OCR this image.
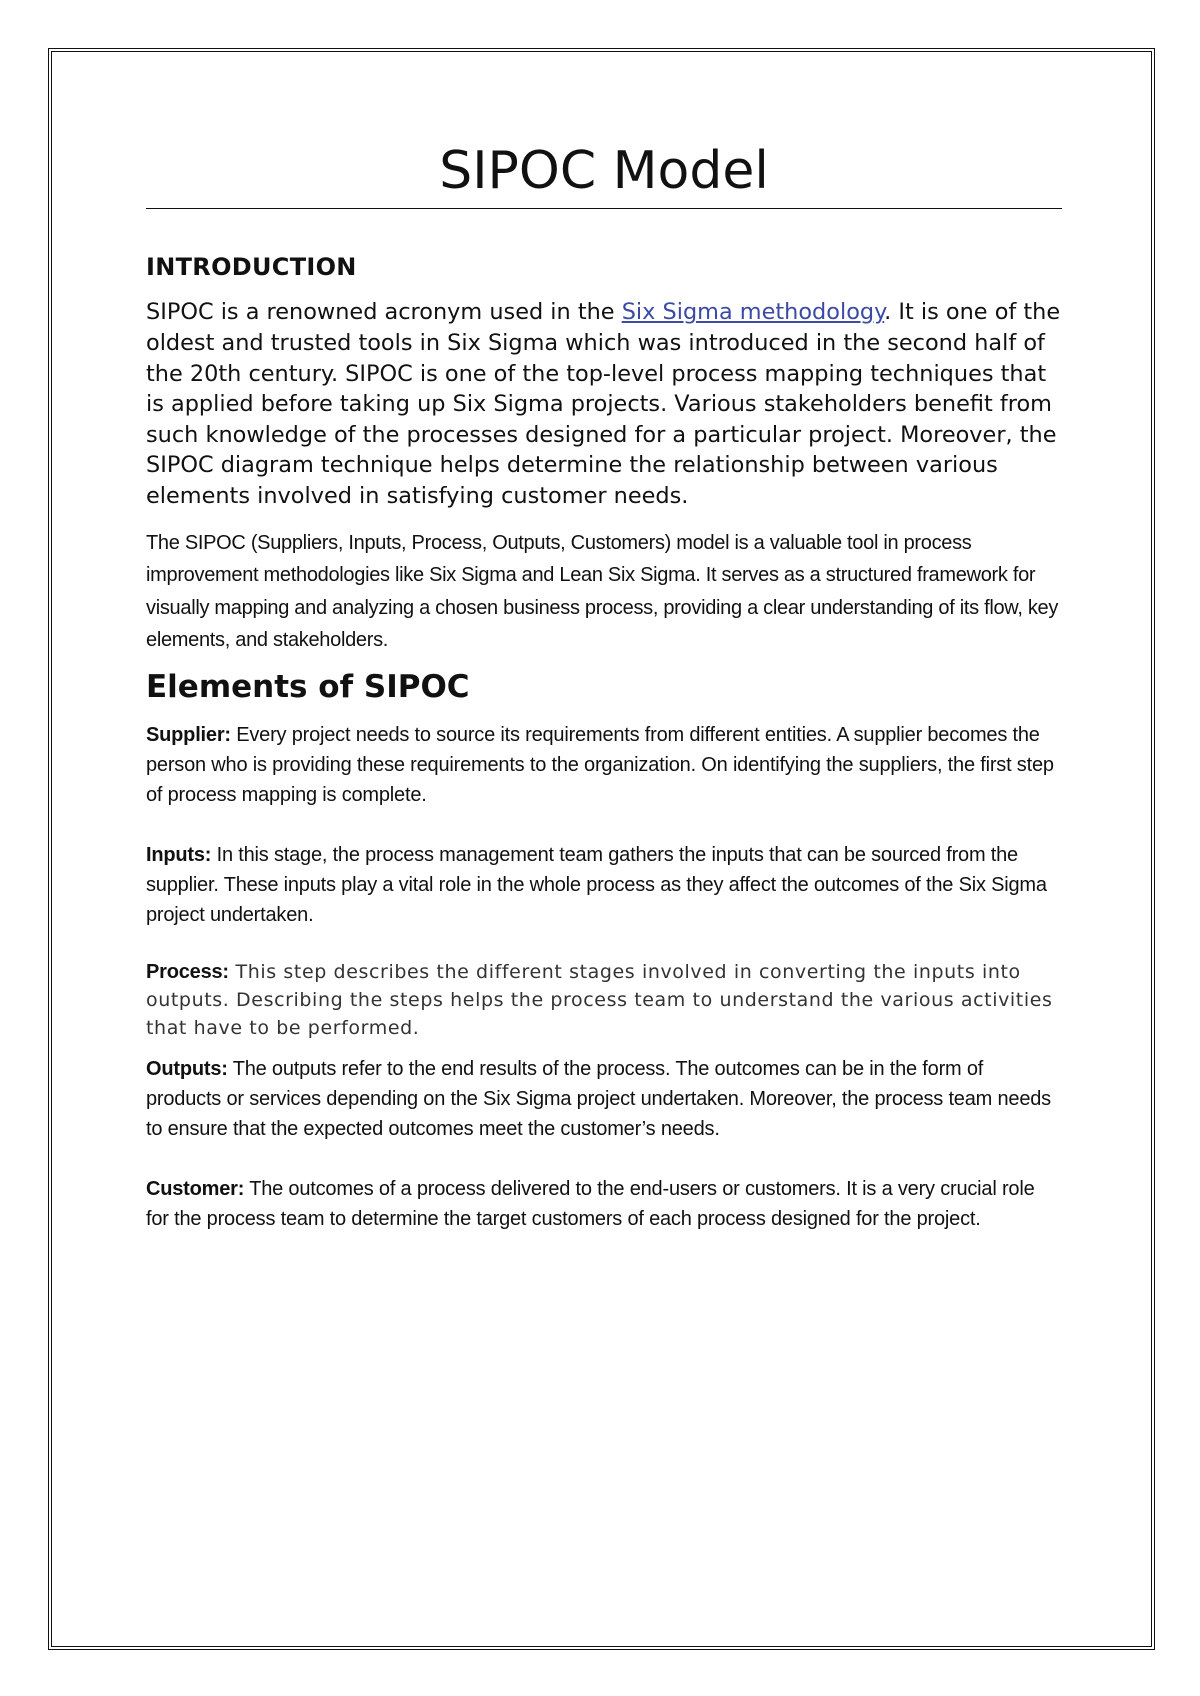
SIPOC Model
INTRODUCTION

SIPOC is a renowned acronym used in the Six Sigma methodology. It is one of the oldest and trusted tools in Six Sigma which was introduced in the second half of the 20th century. SIPOC is one of the top-level process mapping techniques that is applied before taking up Six Sigma projects. Various stakeholders benefit from such knowledge of the processes designed for a particular project. Moreover, the SIPOC diagram technique helps determine the relationship between various elements involved in satisfying customer needs.

The SIPOC (Suppliers, Inputs, Process, Outputs, Customers) model is a valuable tool in process improvement methodologies like Six Sigma and Lean Six Sigma. It serves as a structured framework for visually mapping and analyzing a chosen business process, providing a clear understanding of its flow, key elements, and stakeholders.

Elements of SIPOC

Supplier: Every project needs to source its requirements from different entities. A supplier becomes the person who is providing these requirements to the organization. On identifying the suppliers, the first step of process mapping is complete.

Inputs: In this stage, the process management team gathers the inputs that can be sourced from the supplier. These inputs play a vital role in the whole process as they affect the outcomes of the Six Sigma project undertaken.

Process: This step describes the different stages involved in converting the inputs into outputs. Describing the steps helps the process team to understand the various activities that have to be performed.

Outputs: The outputs refer to the end results of the process. The outcomes can be in the form of products or services depending on the Six Sigma project undertaken. Moreover, the process team needs to ensure that the expected outcomes meet the customer’s needs.

Customer: The outcomes of a process delivered to the end-users or customers. It is a very crucial role for the process team to determine the target customers of each process designed for the project.
